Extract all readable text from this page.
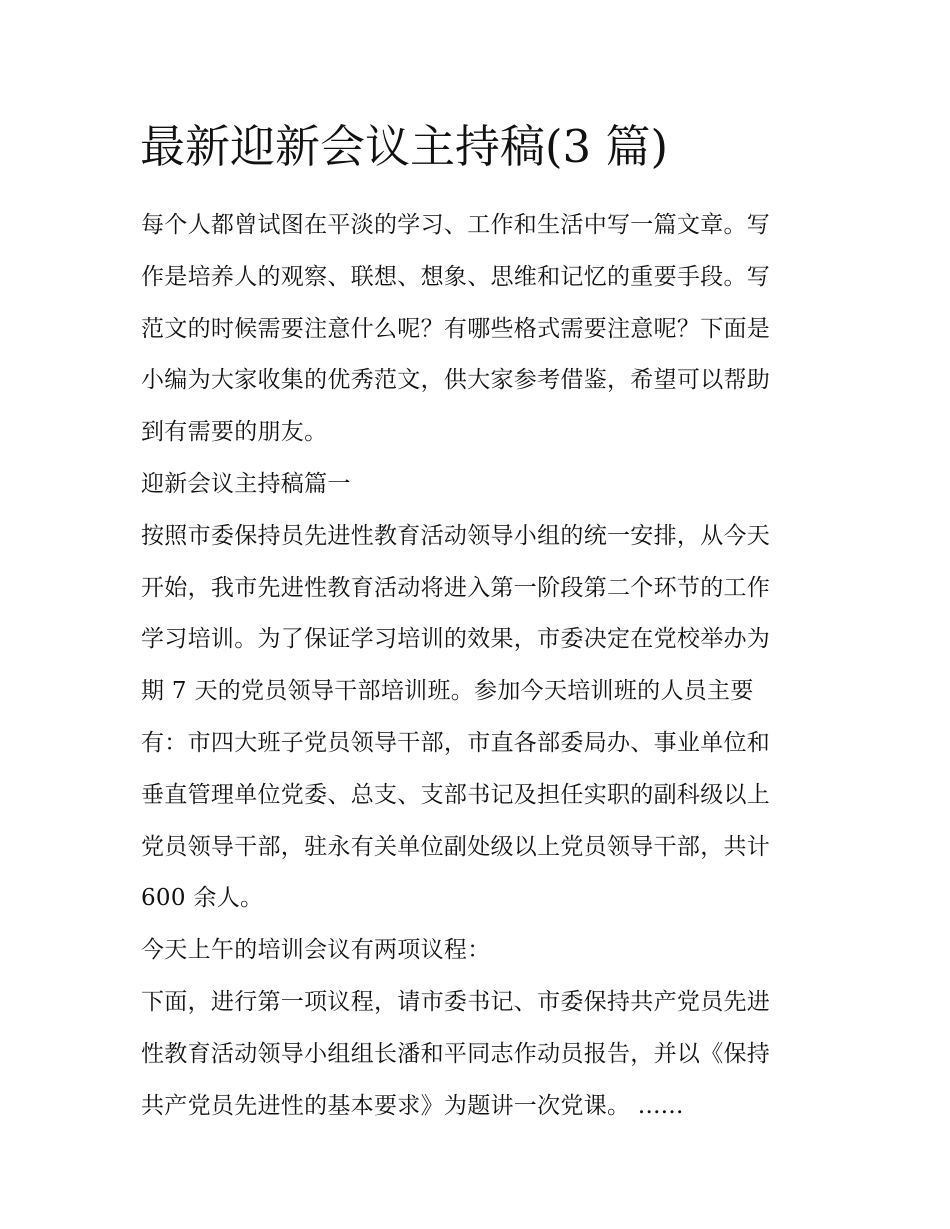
最新迎新会议主持稿(3 篇)
每个人都曾试图在平淡的学习、工作和生活中写一篇文章。写
作是培养人的观察、联想、想象、思维和记忆的重要手段。写
范文的时候需要注意什么呢？有哪些格式需要注意呢？下面是
小编为大家收集的优秀范文，供大家参考借鉴，希望可以帮助
到有需要的朋友。
迎新会议主持稿篇一
按照市委保持员先进性教育活动领导小组的统一安排，从今天
开始，我市先进性教育活动将进入第一阶段第二个环节的工作
学习培训。为了保证学习培训的效果，市委决定在党校举办为
期 7 天的党员领导干部培训班。参加今天培训班的人员主要
有：市四大班子党员领导干部，市直各部委局办、事业单位和
垂直管理单位党委、总支、支部书记及担任实职的副科级以上
党员领导干部，驻永有关单位副处级以上党员领导干部，共计
600 余人。
今天上午的培训会议有两项议程：
下面，进行第一项议程，请市委书记、市委保持共产党员先进
性教育活动领导小组组长潘和平同志作动员报告，并以《保持
共产党员先进性的基本要求》为题讲一次党课。 ......
